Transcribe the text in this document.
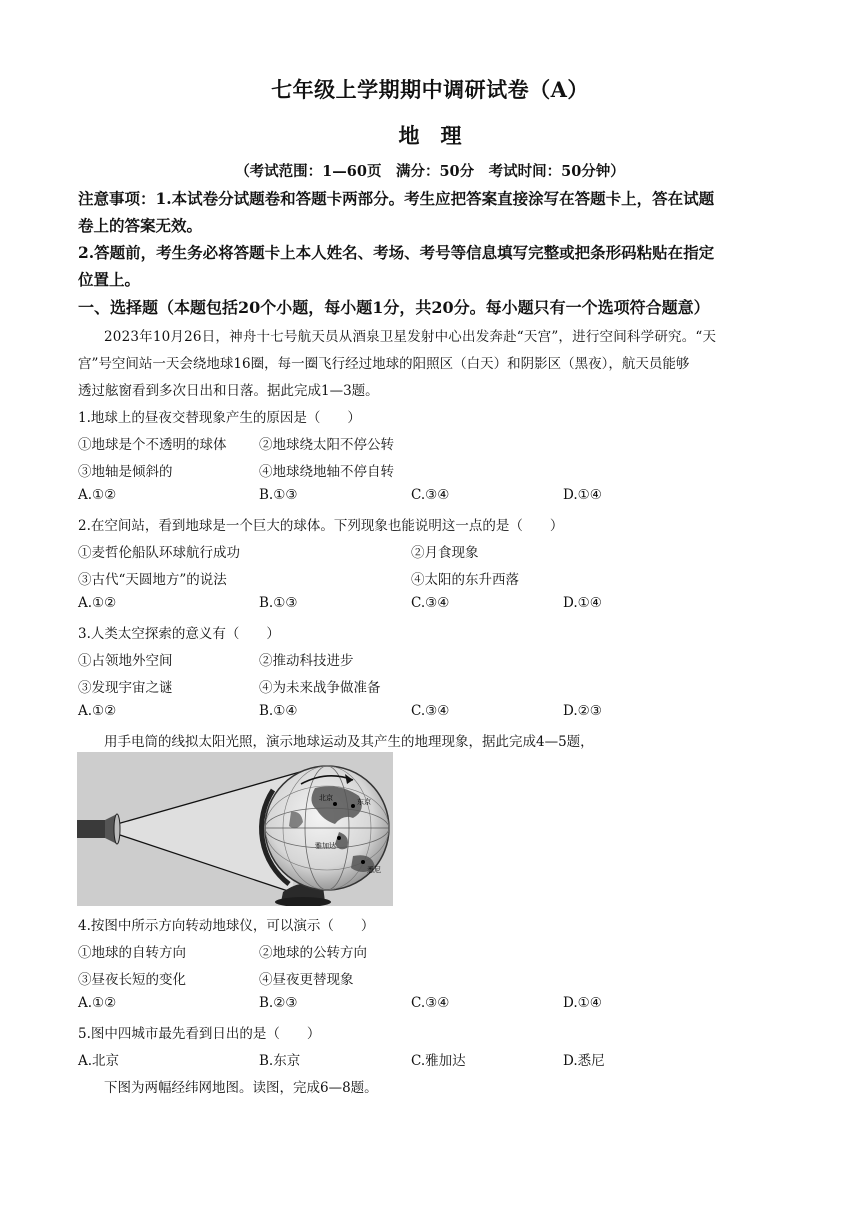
七年级上学期期中调研试卷（A）
地　理
（考试范围：1—60页　满分：50分　考试时间：50分钟）
注意事项：1.本试卷分试题卷和答题卡两部分。考生应把答案直接涂写在答题卡上，答在试题
卷上的答案无效。
2.答题前，考生务必将答题卡上本人姓名、考场、考号等信息填写完整或把条形码粘贴在指定
位置上。
一、选择题（本题包括20个小题，每小题1分，共20分。每小题只有一个选项符合题意）
2023年10月26日，神舟十七号航天员从酒泉卫星发射中心出发奔赴“天宫”，进行空间科学研究。“天
宫”号空间站一天会绕地球16圈，每一圈飞行经过地球的阳照区（白天）和阴影区（黑夜），航天员能够
透过舷窗看到多次日出和日落。据此完成1—3题。
1.地球上的昼夜交替现象产生的原因是（　　）
①地球是个不透明的球体 ②地球绕太阳不停公转
③地轴是倾斜的	④地球绕地轴不停自转
A.①②	B.①③	C.③④	D.①④
2.在空间站，看到地球是一个巨大的球体。下列现象也能说明这一点的是（　　）
①麦哲伦船队环球航行成功	②月食现象
③古代“天圆地方”的说法	④太阳的东升西落
A.①②	B.①③	C.③④	D.①④
3.人类太空探索的意义有（　　）
①占领地外空间	②推动科技进步
③发现宇宙之谜	④为未来战争做准备
A.①②	B.①④	C.③④	D.②③
用手电筒的线拟太阳光照，演示地球运动及其产生的地理现象，据此完成4—5题，
北京	东京
雅加达
悉尼
4.按图中所示方向转动地球仪，可以演示（　　）
①地球的自转方向	②地球的公转方向
③昼夜长短的变化	④昼夜更替现象
A.①②	B.②③	C.③④	D.①④
5.图中四城市最先看到日出的是（　　）
A.北京	B.东京	C.雅加达	D.悉尼
下图为两幅经纬网地图。读图，完成6—8题。
